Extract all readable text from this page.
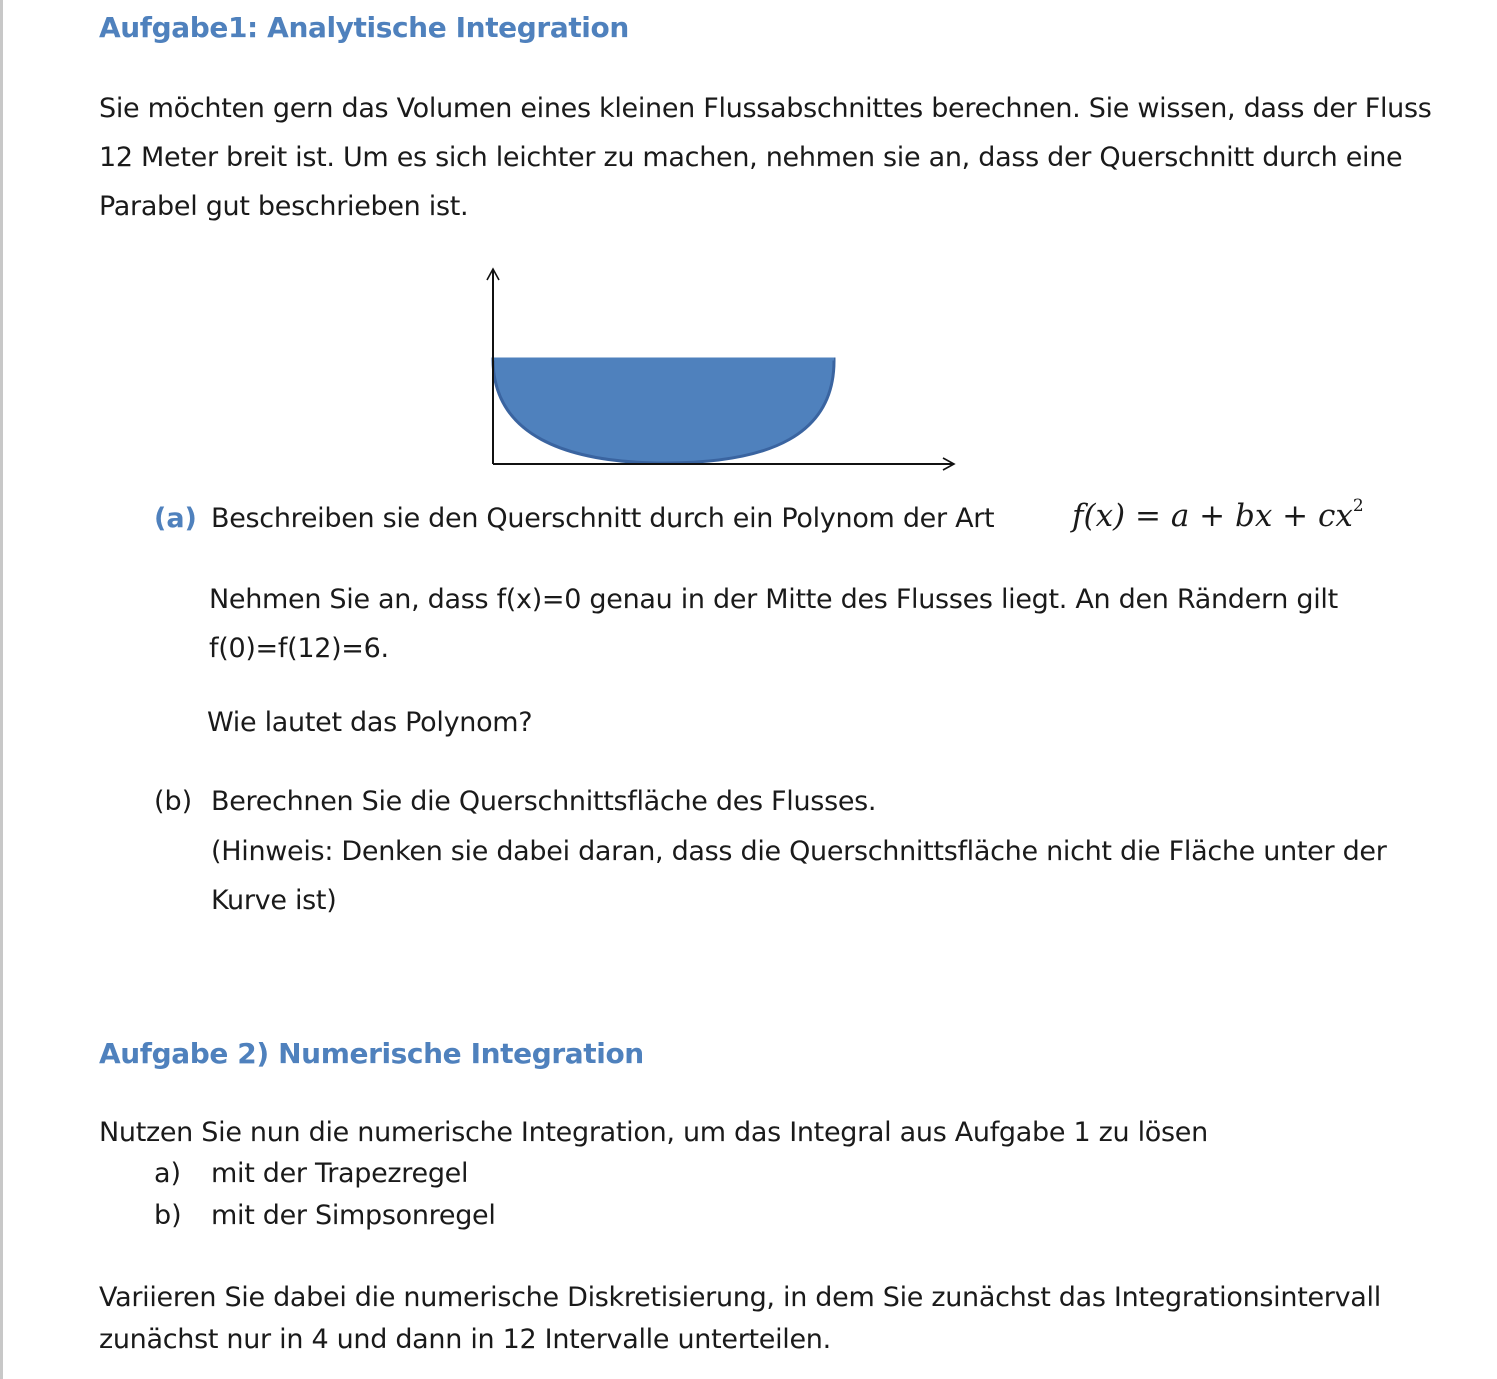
Aufgabe1: Analytische Integration
Sie möchten gern das Volumen eines kleinen Flussabschnittes berechnen. Sie wissen, dass der Fluss
12 Meter breit ist. Um es sich leichter zu machen, nehmen sie an, dass der Querschnitt durch eine
Parabel gut beschrieben ist.
(a) Beschreiben sie den Querschnitt durch ein Polynom der Art	f(x) = a + bx + $cx^2$
Nehmen Sie an, dass f(x)=0 genau in der Mitte des Flusses liegt. An den Rändern gilt
f(0)=f(12)=6.
Wie lautet das Polynom?
(b) Berechnen Sie die Querschnittsfläche des Flusses.
(Hinweis: Denken sie dabei daran, dass die Querschnittsfläche nicht die Fläche unter der
Kurve ist)
Aufgabe 2) Numerische Integration
Nutzen Sie nun die numerische Integration, um das Integral aus Aufgabe 1 zu lösen
a) mit der Trapezregel
b) mit der Simpsonregel
Variieren Sie dabei die numerische Diskretisierung, in dem Sie zunächst das Integrationsintervall
zunächst nur in 4 und dann in 12 Intervalle unterteilen.
